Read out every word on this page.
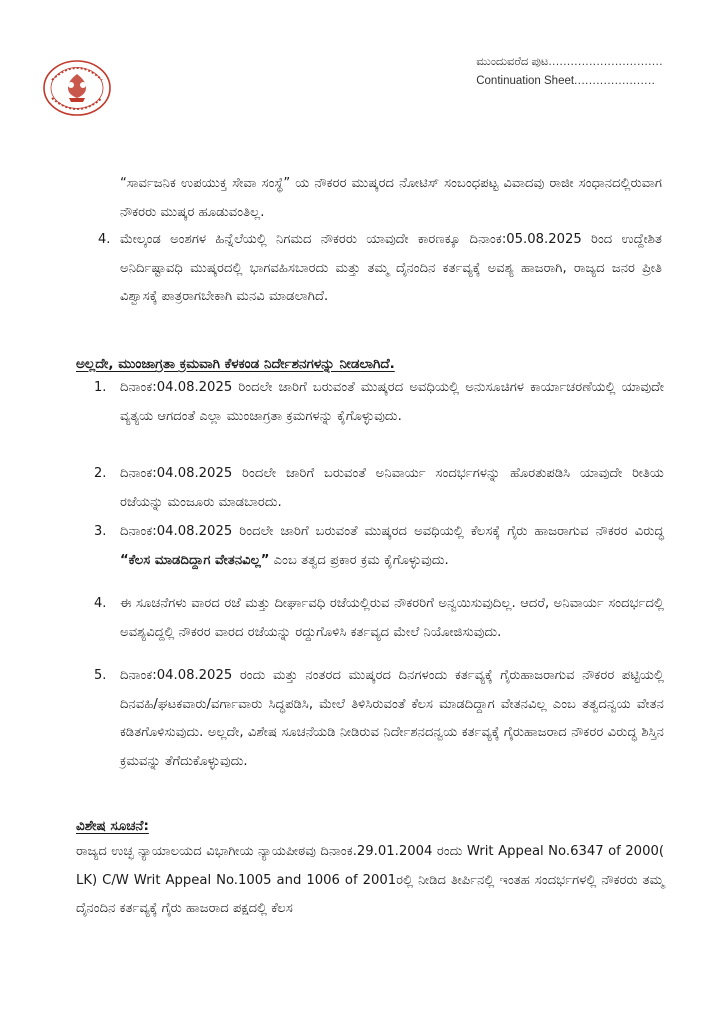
ಮುಂದುವರೆದ ಪುಟ...............................
Continuation Sheet......................
“ಸಾರ್ವಜನಿಕ ಉಪಯುಕ್ತ ಸೇವಾ ಸಂಸ್ಥೆ” ಯ ನೌಕರರ ಮುಷ್ಕರದ ನೋಟಿಸ್ ಸಂಬಂಧಪಟ್ಟ ವಿವಾದವು ರಾಜೀ ಸಂಧಾನದಲ್ಲಿರುವಾಗ ನೌಕರರು ಮುಷ್ಕರ ಹೂಡುವಂತಿಲ್ಲ.
4. ಮೇಲ್ಕಂಡ ಅಂಶಗಳ ಹಿನ್ನೆಲೆಯಲ್ಲಿ ನಿಗಮದ ನೌಕರರು ಯಾವುದೇ ಕಾರಣಕ್ಕೂ ದಿನಾಂಕ:05.08.2025 ರಿಂದ ಉದ್ದೇಶಿತ ಅನಿರ್ದಿಷ್ಟಾವಧಿ ಮುಷ್ಕರದಲ್ಲಿ ಭಾಗವಹಿಸಬಾರದು ಮತ್ತು ತಮ್ಮ ದೈನಂದಿನ ಕರ್ತವ್ಯಕ್ಕೆ ಅವಶ್ಯ ಹಾಜರಾಗಿ, ರಾಜ್ಯದ ಜನರ ಪ್ರೀತಿ ವಿಶ್ವಾಸಕ್ಕೆ ಪಾತ್ರರಾಗಬೇಕಾಗಿ ಮನವಿ ಮಾಡಲಾಗಿದೆ.
ಅಲ್ಲದೇ, ಮುಂಜಾಗ್ರತಾ ಕ್ರಮವಾಗಿ ಕೆಳಕಂಡ ನಿರ್ದೇಶನಗಳನ್ನು ನೀಡಲಾಗಿದೆ.
1. ದಿನಾಂಕ:04.08.2025 ರಿಂದಲೇ ಜಾರಿಗೆ ಬರುವಂತೆ ಮುಷ್ಕರದ ಅವಧಿಯಲ್ಲಿ ಅನುಸೂಚಿಗಳ ಕಾರ್ಯಾಚರಣೆಯಲ್ಲಿ ಯಾವುದೇ ವ್ಯತ್ಯಯ ಆಗದಂತೆ ಎಲ್ಲಾ ಮುಂಜಾಗ್ರತಾ ಕ್ರಮಗಳನ್ನು ಕೈಗೊಳ್ಳುವುದು.
2. ದಿನಾಂಕ:04.08.2025 ರಿಂದಲೇ ಜಾರಿಗೆ ಬರುವಂತೆ ಅನಿವಾರ್ಯ ಸಂದರ್ಭಗಳನ್ನು ಹೊರತುಪಡಿಸಿ ಯಾವುದೇ ರೀತಿಯ ರಜೆಯನ್ನು ಮಂಜೂರು ಮಾಡಬಾರದು.
3. ದಿನಾಂಕ:04.08.2025 ರಿಂದಲೇ ಜಾರಿಗೆ ಬರುವಂತೆ ಮುಷ್ಕರದ ಅವಧಿಯಲ್ಲಿ ಕೆಲಸಕ್ಕೆ ಗೈರು ಹಾಜರಾಗುವ ನೌಕರರ ವಿರುದ್ಧ “ಕೆಲಸ ಮಾಡದಿದ್ದಾಗ ವೇತನವಿಲ್ಲ” ಎಂಬ ತತ್ವದ ಪ್ರಕಾರ ಕ್ರಮ ಕೈಗೊಳ್ಳುವುದು.
4. ಈ ಸೂಚನೆಗಳು ವಾರದ ರಜೆ ಮತ್ತು ದೀರ್ಘಾವಧಿ ರಜೆಯಲ್ಲಿರುವ ನೌಕರರಿಗೆ ಅನ್ವಯಿಸುವುದಿಲ್ಲ. ಆದರೆ, ಅನಿವಾರ್ಯ ಸಂದರ್ಭದಲ್ಲಿ ಅವಶ್ಯವಿದ್ದಲ್ಲಿ ನೌಕರರ ವಾರದ ರಜೆಯನ್ನು ರದ್ದುಗೊಳಿಸಿ ಕರ್ತವ್ಯದ ಮೇಲೆ ನಿಯೋಜಿಸುವುದು.
5. ದಿನಾಂಕ:04.08.2025 ರಂದು ಮತ್ತು ನಂತರದ ಮುಷ್ಕರದ ದಿನಗಳಂದು ಕರ್ತವ್ಯಕ್ಕೆ ಗೈರುಹಾಜರಾಗುವ ನೌಕರರ ಪಟ್ಟಿಯಲ್ಲಿ ದಿನವಹಿ/ಘಟಕವಾರು/ವರ್ಗಾವಾರು ಸಿದ್ಧಪಡಿಸಿ, ಮೇಲೆ ತಿಳಿಸಿರುವಂತೆ ಕೆಲಸ ಮಾಡದಿದ್ದಾಗ ವೇತನವಿಲ್ಲ ಎಂಬ ತತ್ವದನ್ವಯ ವೇತನ ಕಡಿತಗೊಳಿಸುವುದು. ಅಲ್ಲದೇ, ವಿಶೇಷ ಸೂಚನೆಯಡಿ ನೀಡಿರುವ ನಿರ್ದೇಶನದನ್ವಯ ಕರ್ತವ್ಯಕ್ಕೆ ಗೈರುಹಾಜರಾದ ನೌಕರರ ವಿರುದ್ಧ ಶಿಸ್ತಿನ ಕ್ರಮವನ್ನು ತೆಗೆದುಕೊಳ್ಳುವುದು.
ವಿಶೇಷ ಸೂಚನೆ:
ರಾಜ್ಯದ ಉಚ್ಛ ನ್ಯಾಯಾಲಯದ ವಿಭಾಗೀಯ ನ್ಯಾಯಪೀಠವು ದಿನಾಂಕ.29.01.2004 ರಂದು Writ Appeal No.6347 of 2000( LK) C/W Writ Appeal No.1005 and 1006 of 2001ರಲ್ಲಿ ನೀಡಿದ ತೀರ್ಪಿನಲ್ಲಿ ಇಂತಹ ಸಂದರ್ಭಗಳಲ್ಲಿ ನೌಕರರು ತಮ್ಮ ದೈನಂದಿನ ಕರ್ತವ್ಯಕ್ಕೆ ಗೈರು ಹಾಜರಾದ ಪಕ್ಷದಲ್ಲಿ ಕೆಲಸ
